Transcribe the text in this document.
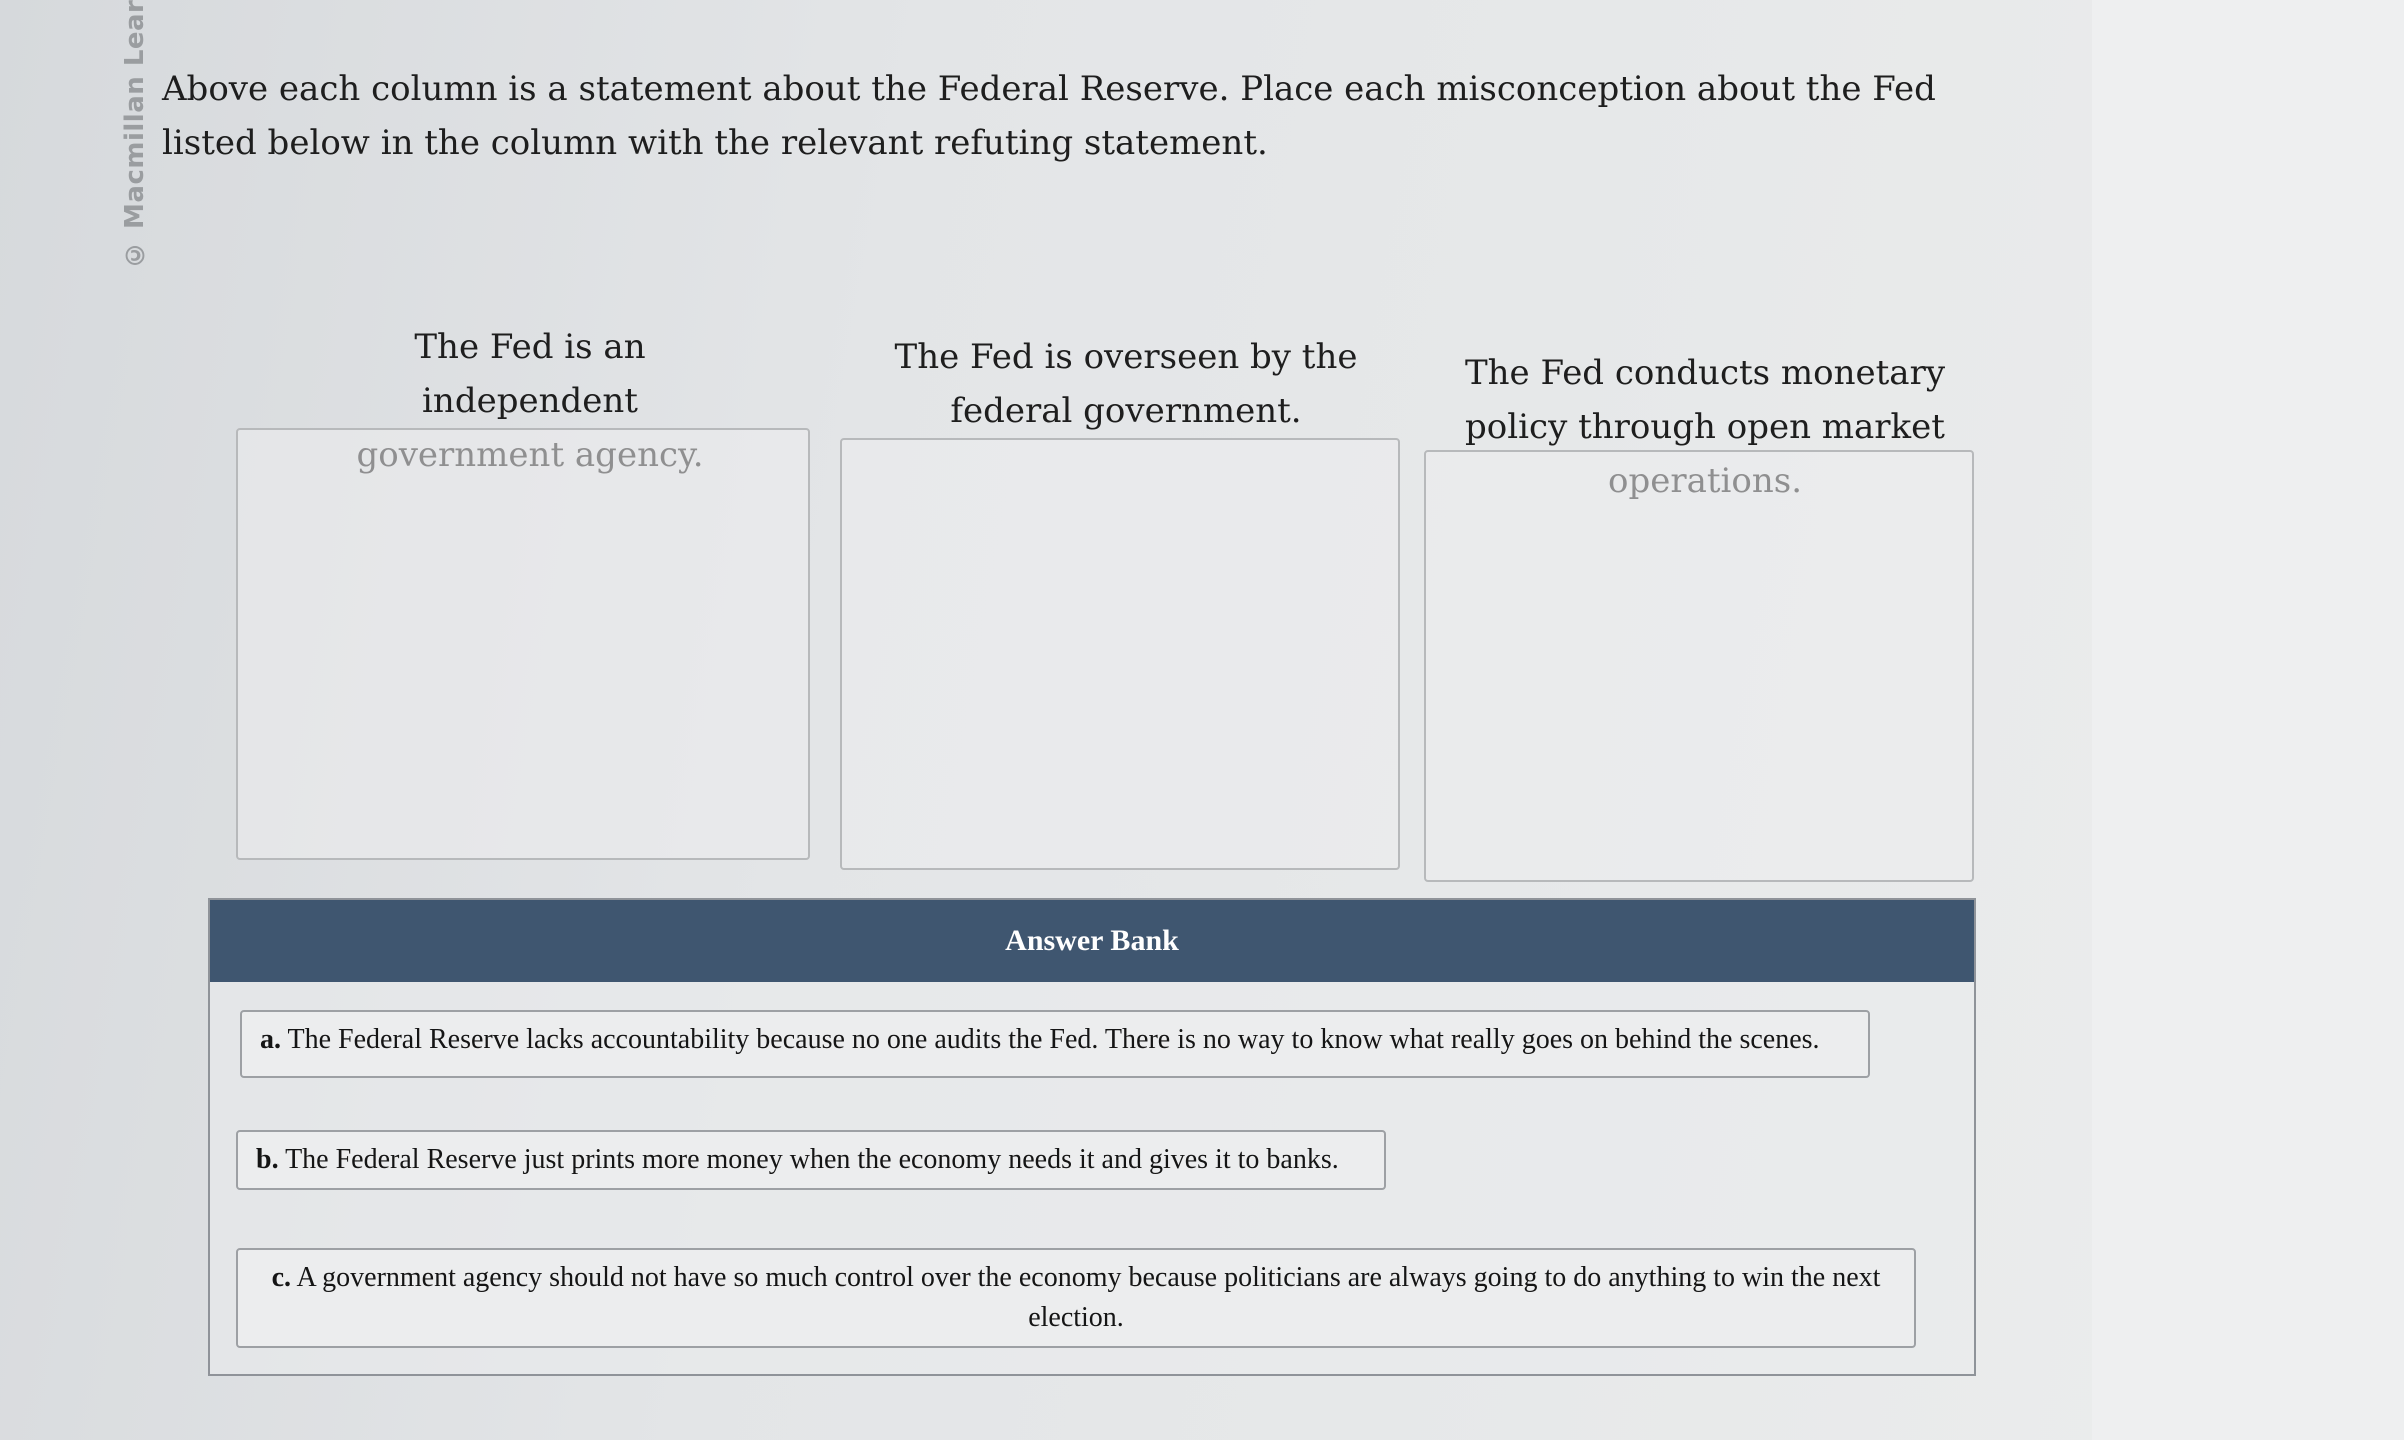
© Macmillan Lear Above each column is a statement about the Federal Reserve. Place each misconception about the Fed listed below in the column with the relevant refuting statement.
The Fed is an independent
The Fed is overseen by the federal government.
The Fed conducts monetary policy through open market
Answer Bank
a. The Federal Reserve lacks accountability because no one audits the Fed. There is no way to know what really goes on behind the scenes.
b. The Federal Reserve just prints more money when the economy needs it and gives it to banks.
c. A government agency should not have so much control over the economy because politicians are always going to do anything to win the next election.
